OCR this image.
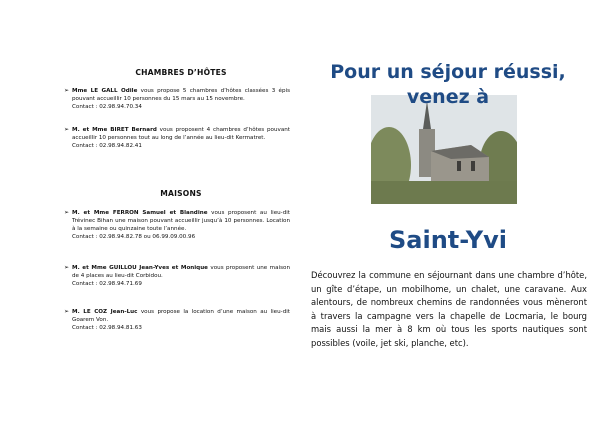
CHAMBRES D’HÔTES
➢ Mme LE GALL Odile vous propose 5 chambres d’hôtes classées 3 épis pouvant accueillir 10 personnes du 15 mars au 15 novembre.
Contact : 02.98.94.70.34
➢ M. et Mme BIRET Bernard vous proposent 4 chambres d’hôtes pouvant accueillir 10 personnes tout au long de l’année au lieu-dit Kermatret.
Contact : 02.98.94.82.41
MAISONS
➢ M. et Mme FERRON Samuel et Blandine vous proposent au lieu-dit Trévinec Bihan une maison pouvant accueillir jusqu’à 10 personnes. Location à la semaine ou quinzaine toute l’année.
Contact : 02.98.94.82.78 ou 06.99.09.00.96
➢ M. et Mme GUILLOU Jean-Yves et Monique vous proposent une maison de 4 places au lieu-dit Corbidou.
Contact : 02.98.94.71.69
➢ M. LE COZ Jean-Luc vous propose la location d’une maison au lieu-dit Goarem Von.
Contact : 02.98.94.81.63
Pour un séjour réussi,
venez à
Saint-Yvi
Découvrez la commune en séjournant dans une chambre d’hôte, un gîte d’étape, un mobilhome, un chalet, une caravane. Aux alentours, de nombreux chemins de randonnées vous mèneront à travers la campagne vers la chapelle de Locmaria, le bourg mais aussi la mer à 8 km où tous les sports nautiques sont possibles (voile, jet ski, planche, etc).
